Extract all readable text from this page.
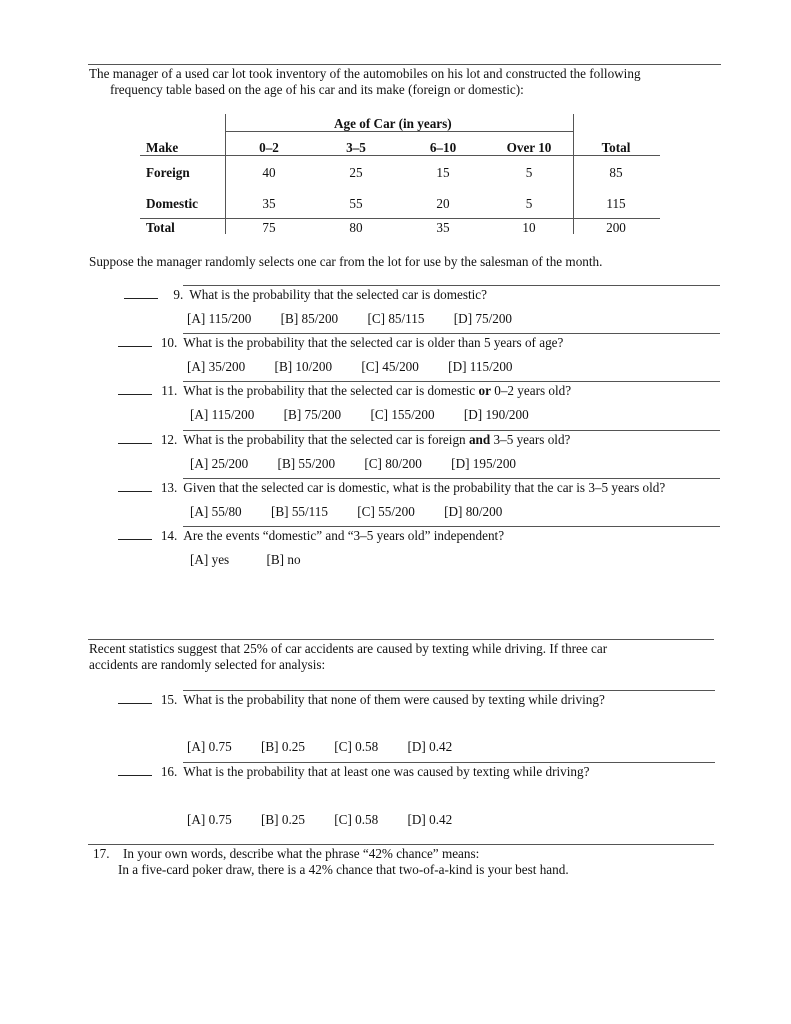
The manager of a used car lot took inventory of the automobiles on his lot and constructed the following
frequency table based on the age of his car and its make (foreign or domestic):
Age of Car (in years)
Make	0–2	3–5	6–10	Over 10	Total
Foreign	40	25	15	5	85
Domestic	35	55	20	5	115
Total	75	80	35	10	200
Suppose the manager randomly selects one car from the lot for use by the salesman of the month.
9. What is the probability that the selected car is domestic?
[A] 115/200 [B] 85/200 [C] 85/115 [D] 75/200
10. What is the probability that the selected car is older than 5 years of age?
[A] 35/200 [B] 10/200 [C] 45/200 [D] 115/200
11. What is the probability that the selected car is domestic or 0–2 years old?
[A] 115/200 [B] 75/200 [C] 155/200 [D] 190/200
12. What is the probability that the selected car is foreign and 3–5 years old?
[A] 25/200 [B] 55/200 [C] 80/200 [D] 195/200
13. Given that the selected car is domestic, what is the probability that the car is 3–5 years old?
[A] 55/80 [B] 55/115 [C] 55/200 [D] 80/200
14. Are the events “domestic” and “3–5 years old” independent?
[A] yes	[B] no
Recent statistics suggest that 25% of car accidents are caused by texting while driving. If three car
accidents are randomly selected for analysis:
15. What is the probability that none of them were caused by texting while driving?
[A] 0.75 [B] 0.25 [C] 0.58 [D] 0.42
16. What is the probability that at least one was caused by texting while driving?
[A] 0.75 [B] 0.25 [C] 0.58 [D] 0.42
17. In your own words, describe what the phrase “42% chance” means:
In a five-card poker draw, there is a 42% chance that two-of-a-kind is your best hand.
